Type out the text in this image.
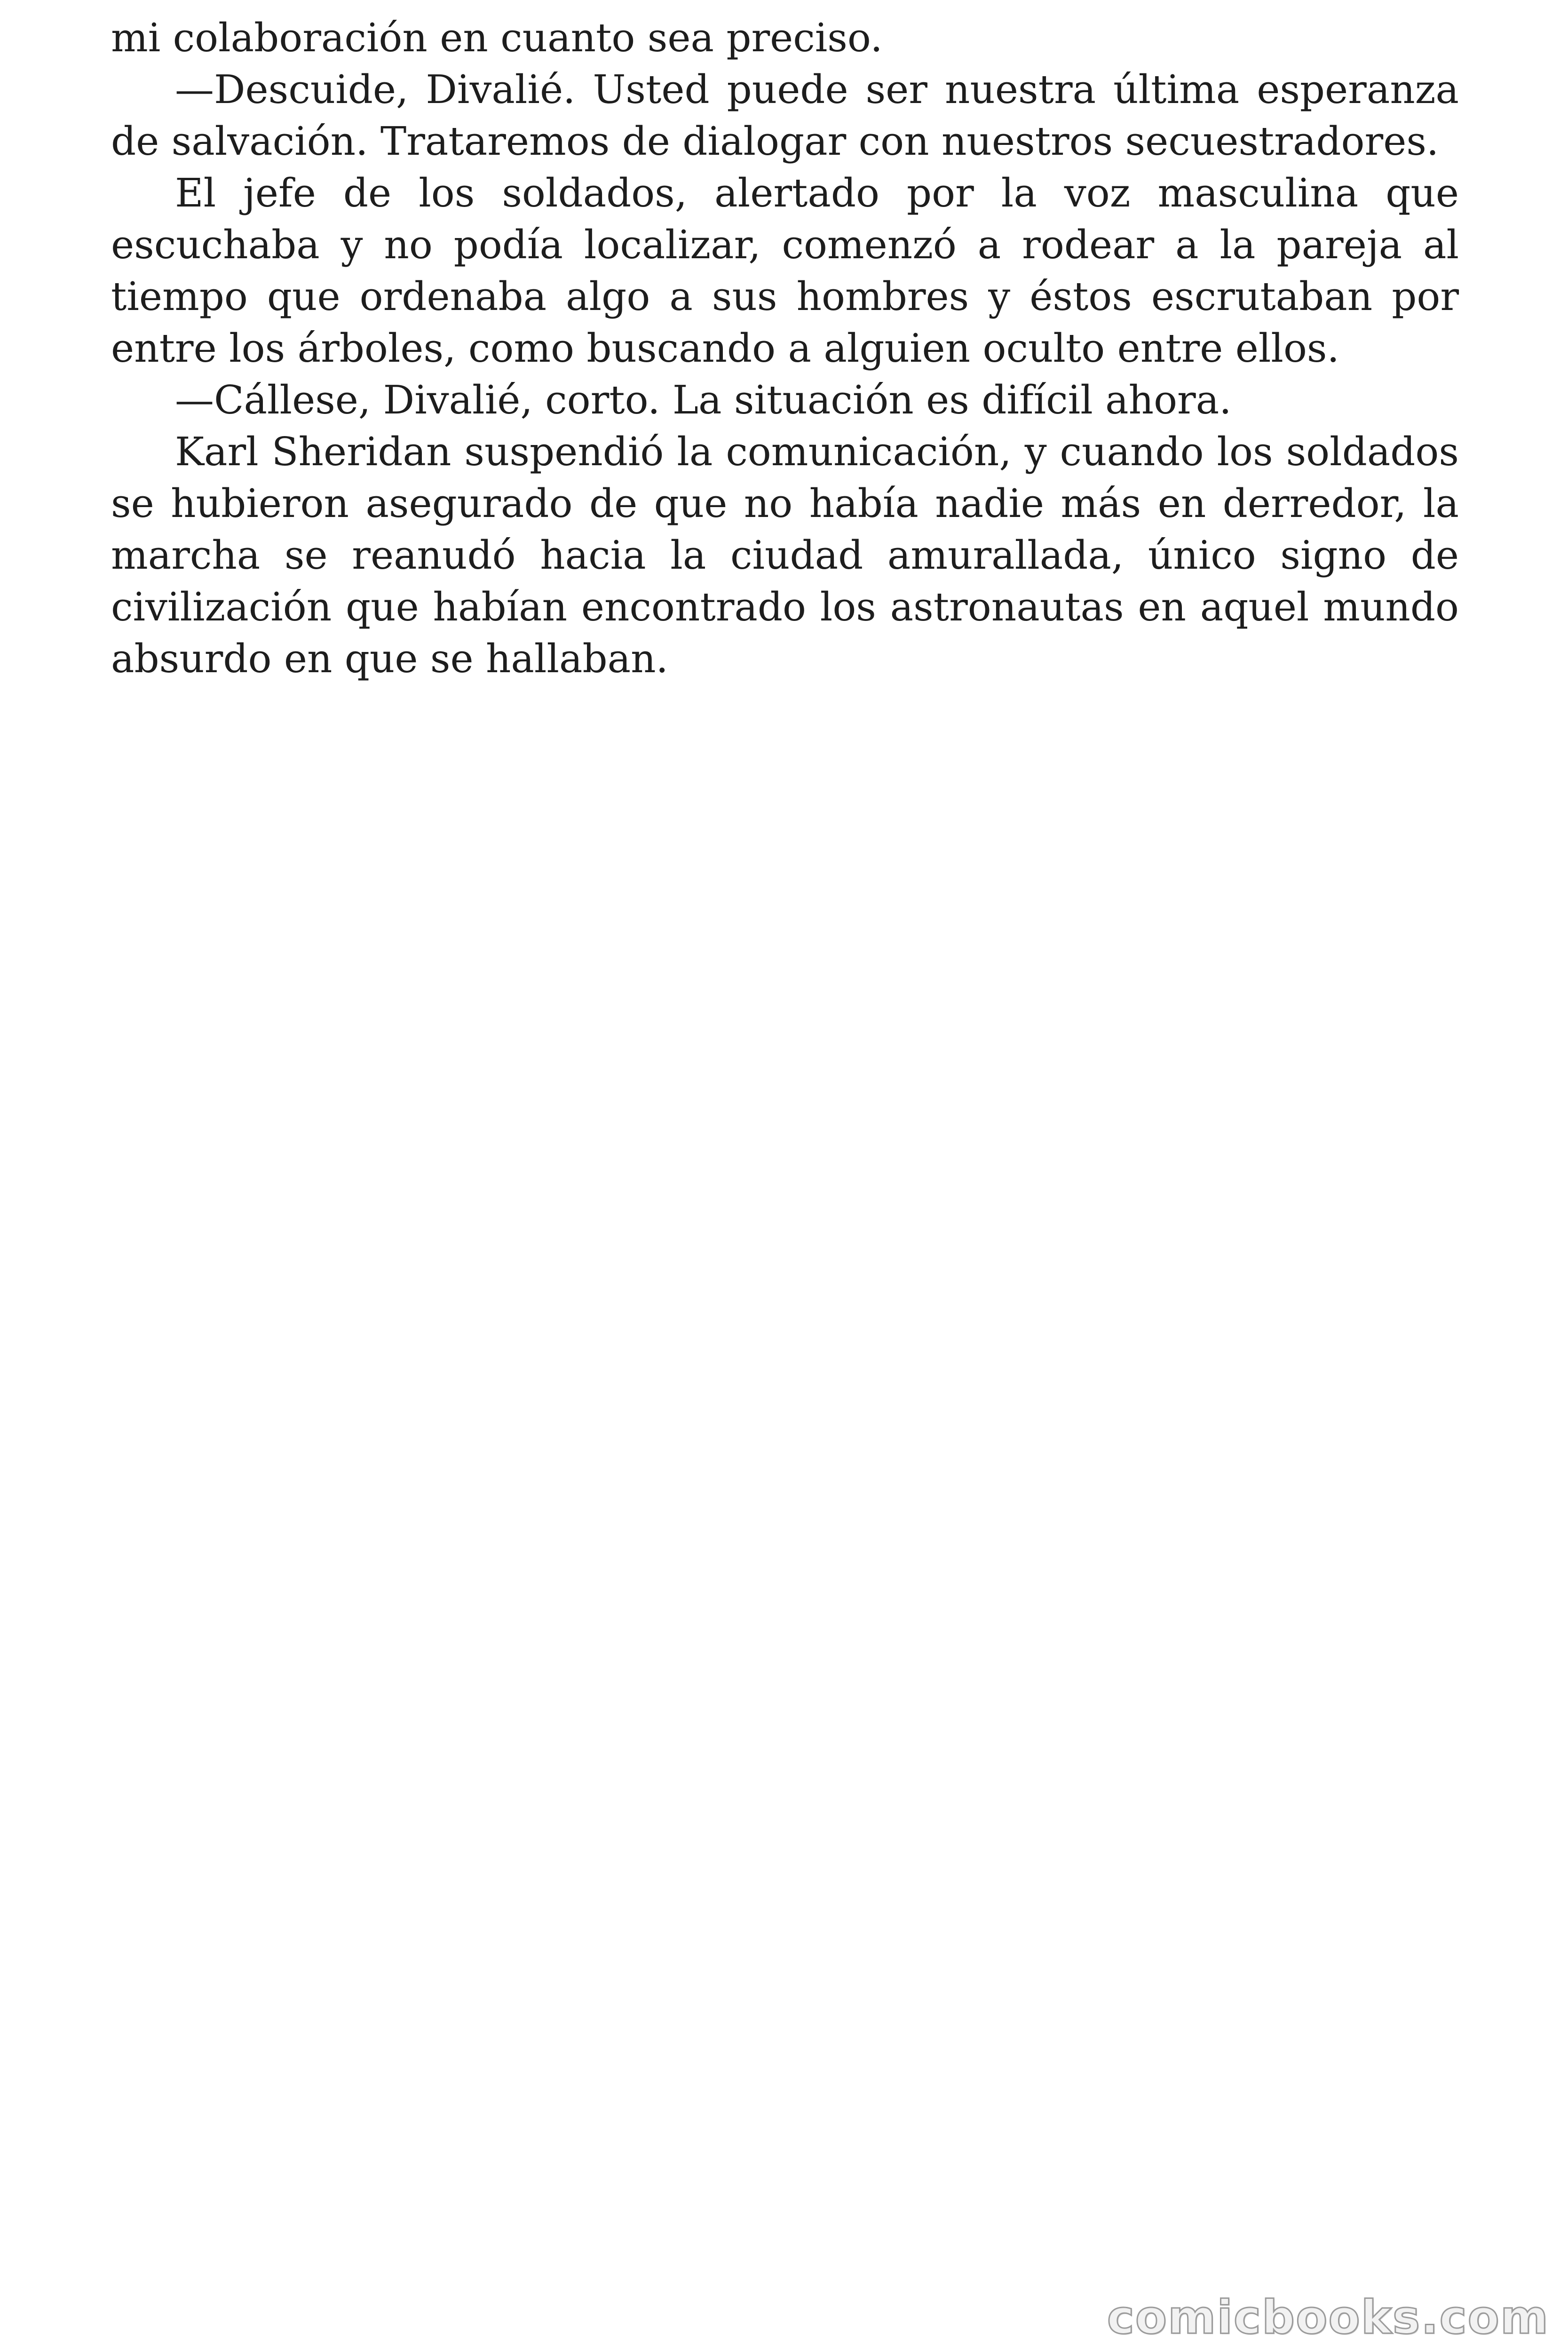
mi colaboración en cuanto sea preciso.

—Descuide, Divalié. Usted puede ser nuestra última esperanza de salvación. Trataremos de dialogar con nuestros secuestradores.

El jefe de los soldados, alertado por la voz masculina que escuchaba y no podía localizar, comenzó a rodear a la pareja al tiempo que ordenaba algo a sus hombres y éstos escrutaban por entre los árboles, como buscando a alguien oculto entre ellos.

—Cállese, Divalié, corto. La situación es difícil ahora.

Karl Sheridan suspendió la comunicación, y cuando los soldados se hubieron asegurado de que no había nadie más en derredor, la marcha se reanudó hacia la ciudad amurallada, único signo de civilización que habían encontrado los astronautas en aquel mundo absurdo en que se hallaban.

comicbooks.com
